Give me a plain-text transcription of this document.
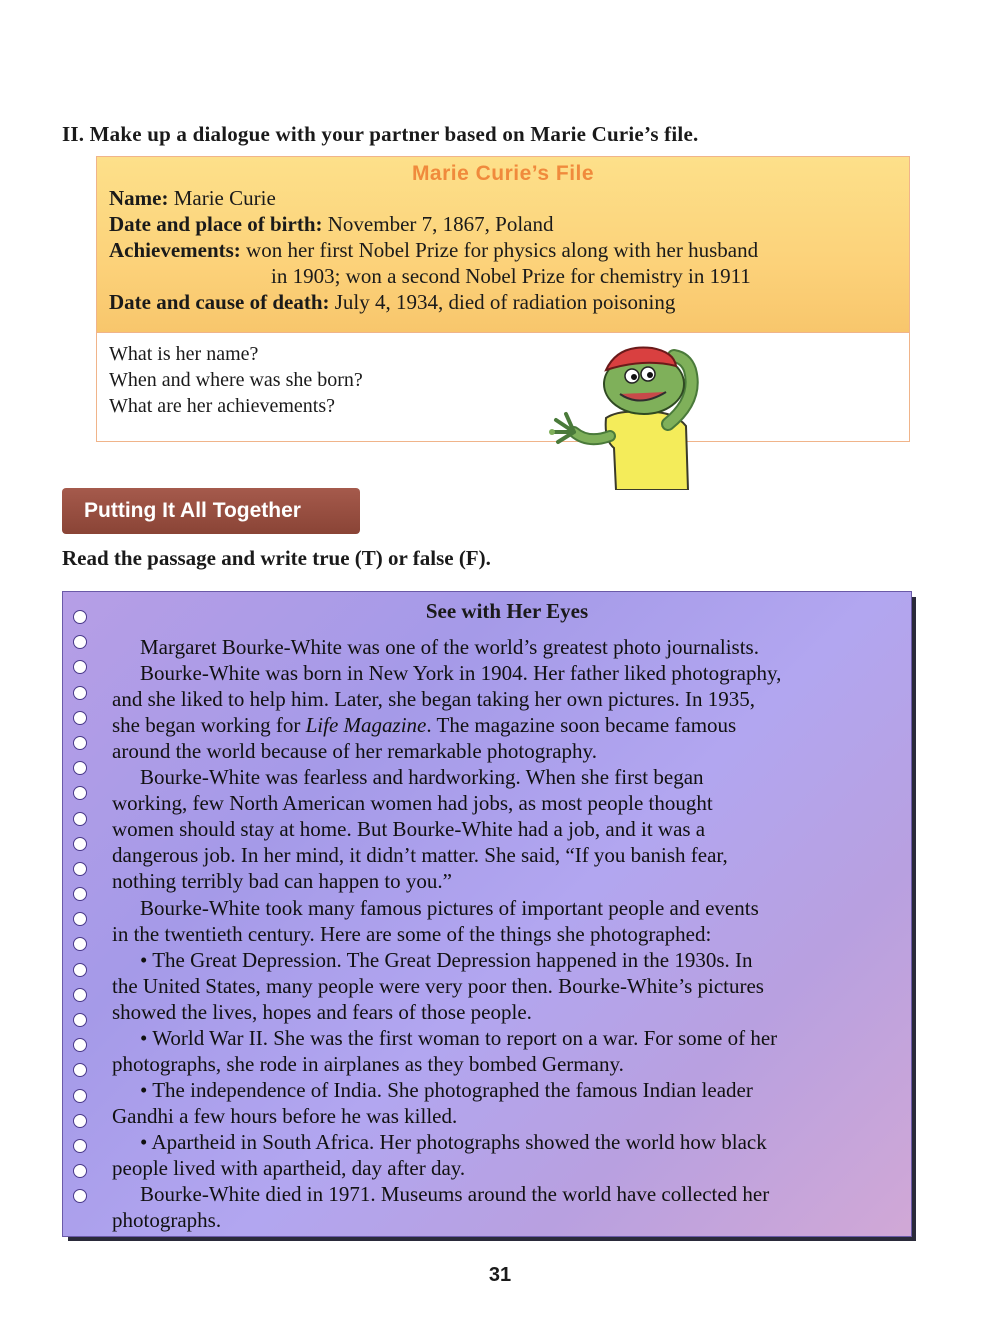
II. Make up a dialogue with your partner based on Marie Curie’s file.
Marie Curie’s File
Name: Marie Curie
Date and place of birth: November 7, 1867, Poland
Achievements: won her first Nobel Prize for physics along with her husband
in 1903; won a second Nobel Prize for chemistry in 1911
Date and cause of death: July 4, 1934, died of radiation poisoning
What is her name?
When and where was she born?
What are her achievements?
Putting It All Together
Read the passage and write true (T) or false (F).
See with Her Eyes
Margaret Bourke-White was one of the world’s greatest photo journalists.
Bourke-White was born in New York in 1904. Her father liked photography,
and she liked to help him. Later, she began taking her own pictures. In 1935,
she began working for Life Magazine. The magazine soon became famous
around the world because of her remarkable photography.
Bourke-White was fearless and hardworking. When she first began
working, few North American women had jobs, as most people thought
women should stay at home. But Bourke-White had a job, and it was a
dangerous job. In her mind, it didn’t matter. She said, “If you banish fear,
nothing terribly bad can happen to you.”
Bourke-White took many famous pictures of important people and events
in the twentieth century. Here are some of the things she photographed:
• The Great Depression. The Great Depression happened in the 1930s. In
the United States, many people were very poor then. Bourke-White’s pictures
showed the lives, hopes and fears of those people.
• World War II. She was the first woman to report on a war. For some of her
photographs, she rode in airplanes as they bombed Germany.
• The independence of India. She photographed the famous Indian leader
Gandhi a few hours before he was killed.
• Apartheid in South Africa. Her photographs showed the world how black
people lived with apartheid, day after day.
Bourke-White died in 1971. Museums around the world have collected her
photographs.
31
